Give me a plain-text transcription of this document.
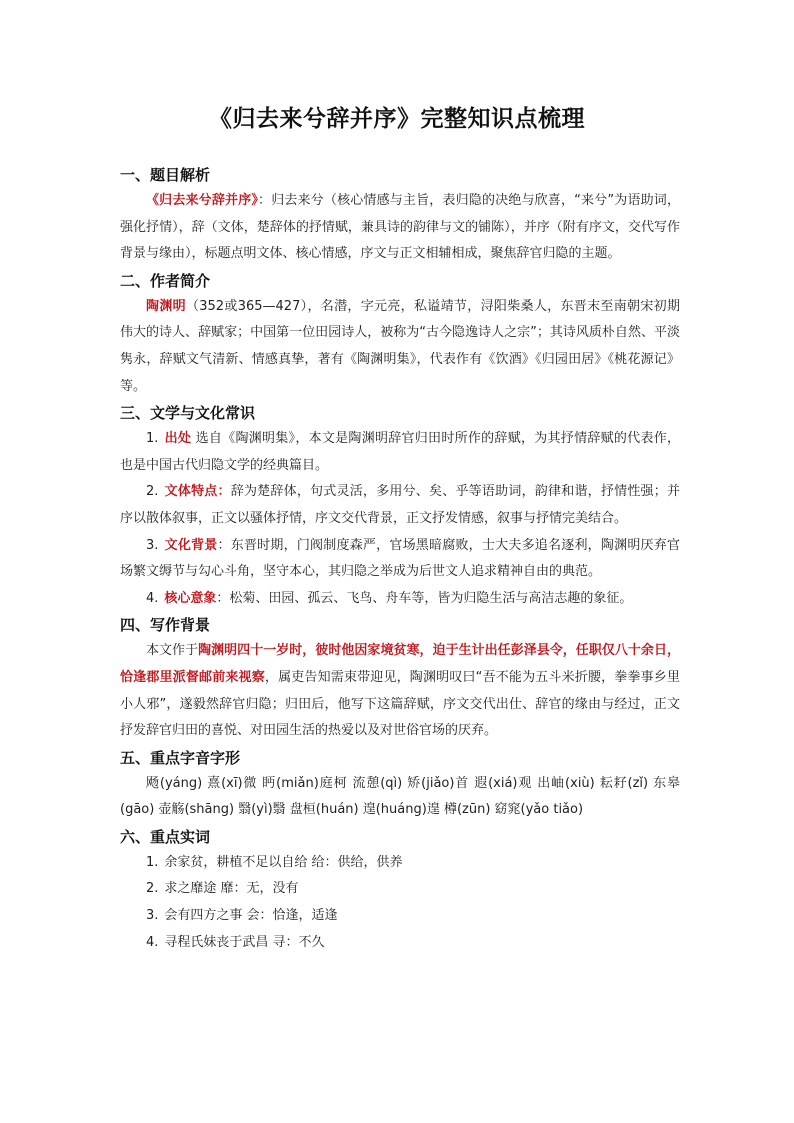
《归去来兮辞并序》完整知识点梳理
一、题目解析

《归去来兮辞并序》：归去来兮（核心情感与主旨，表归隐的决绝与欣喜，“来兮”为语助词，强化抒情），辞（文体，楚辞体的抒情赋，兼具诗的韵律与文的铺陈），并序（附有序文，交代写作背景与缘由），标题点明文体、核心情感，序文与正文相辅相成，聚焦辞官归隐的主题。

二、作者简介

陶渊明（352或365—427），名潜，字元亮，私谥靖节，浔阳柴桑人，东晋末至南朝宋初期伟大的诗人、辞赋家；中国第一位田园诗人，被称为“古今隐逸诗人之宗”；其诗风质朴自然、平淡隽永，辞赋文气清新、情感真挚，著有《陶渊明集》，代表作有《饮酒》《归园田居》《桃花源记》等。

三、文学与文化常识

1. 出处 选自《陶渊明集》，本文是陶渊明辞官归田时所作的辞赋，为其抒情辞赋的代表作，也是中国古代归隐文学的经典篇目。

2. 文体特点：辞为楚辞体，句式灵活，多用兮、矣、乎等语助词，韵律和谐，抒情性强；并序以散体叙事，正文以骚体抒情，序文交代背景，正文抒发情感，叙事与抒情完美结合。

3. 文化背景：东晋时期，门阀制度森严，官场黑暗腐败，士大夫多追名逐利，陶渊明厌弃官场繁文缛节与勾心斗角，坚守本心，其归隐之举成为后世文人追求精神自由的典范。

4. 核心意象：松菊、田园、孤云、飞鸟、舟车等，皆为归隐生活与高洁志趣的象征。

四、写作背景

本文作于陶渊明四十一岁时，彼时他因家境贫寒，迫于生计出任彭泽县令，任职仅八十余日，恰逢郡里派督邮前来视察，属吏告知需束带迎见，陶渊明叹曰“吾不能为五斗米折腰，拳拳事乡里小人邪”，遂毅然辞官归隐；归田后，他写下这篇辞赋，序文交代出仕、辞官的缘由与经过，正文抒发辞官归田的喜悦、对田园生活的热爱以及对世俗官场的厌弃。

五、重点字音字形

飏(yáng) 熹(xī)微 眄(miǎn)庭柯 流憩(qì) 矫(jiǎo)首 遐(xiá)观 出岫(xiù) 耘耔(zǐ) 东皋(gāo) 壶觞(shāng) 翳(yì)翳 盘桓(huán) 遑(huáng)遑 樽(zūn) 窈窕(yǎo tiǎo)

六、重点实词

1. 余家贫，耕植不足以自给 给：供给，供养

2. 求之靡途 靡：无，没有

3. 会有四方之事 会：恰逢，适逢

4. 寻程氏妹丧于武昌 寻：不久
